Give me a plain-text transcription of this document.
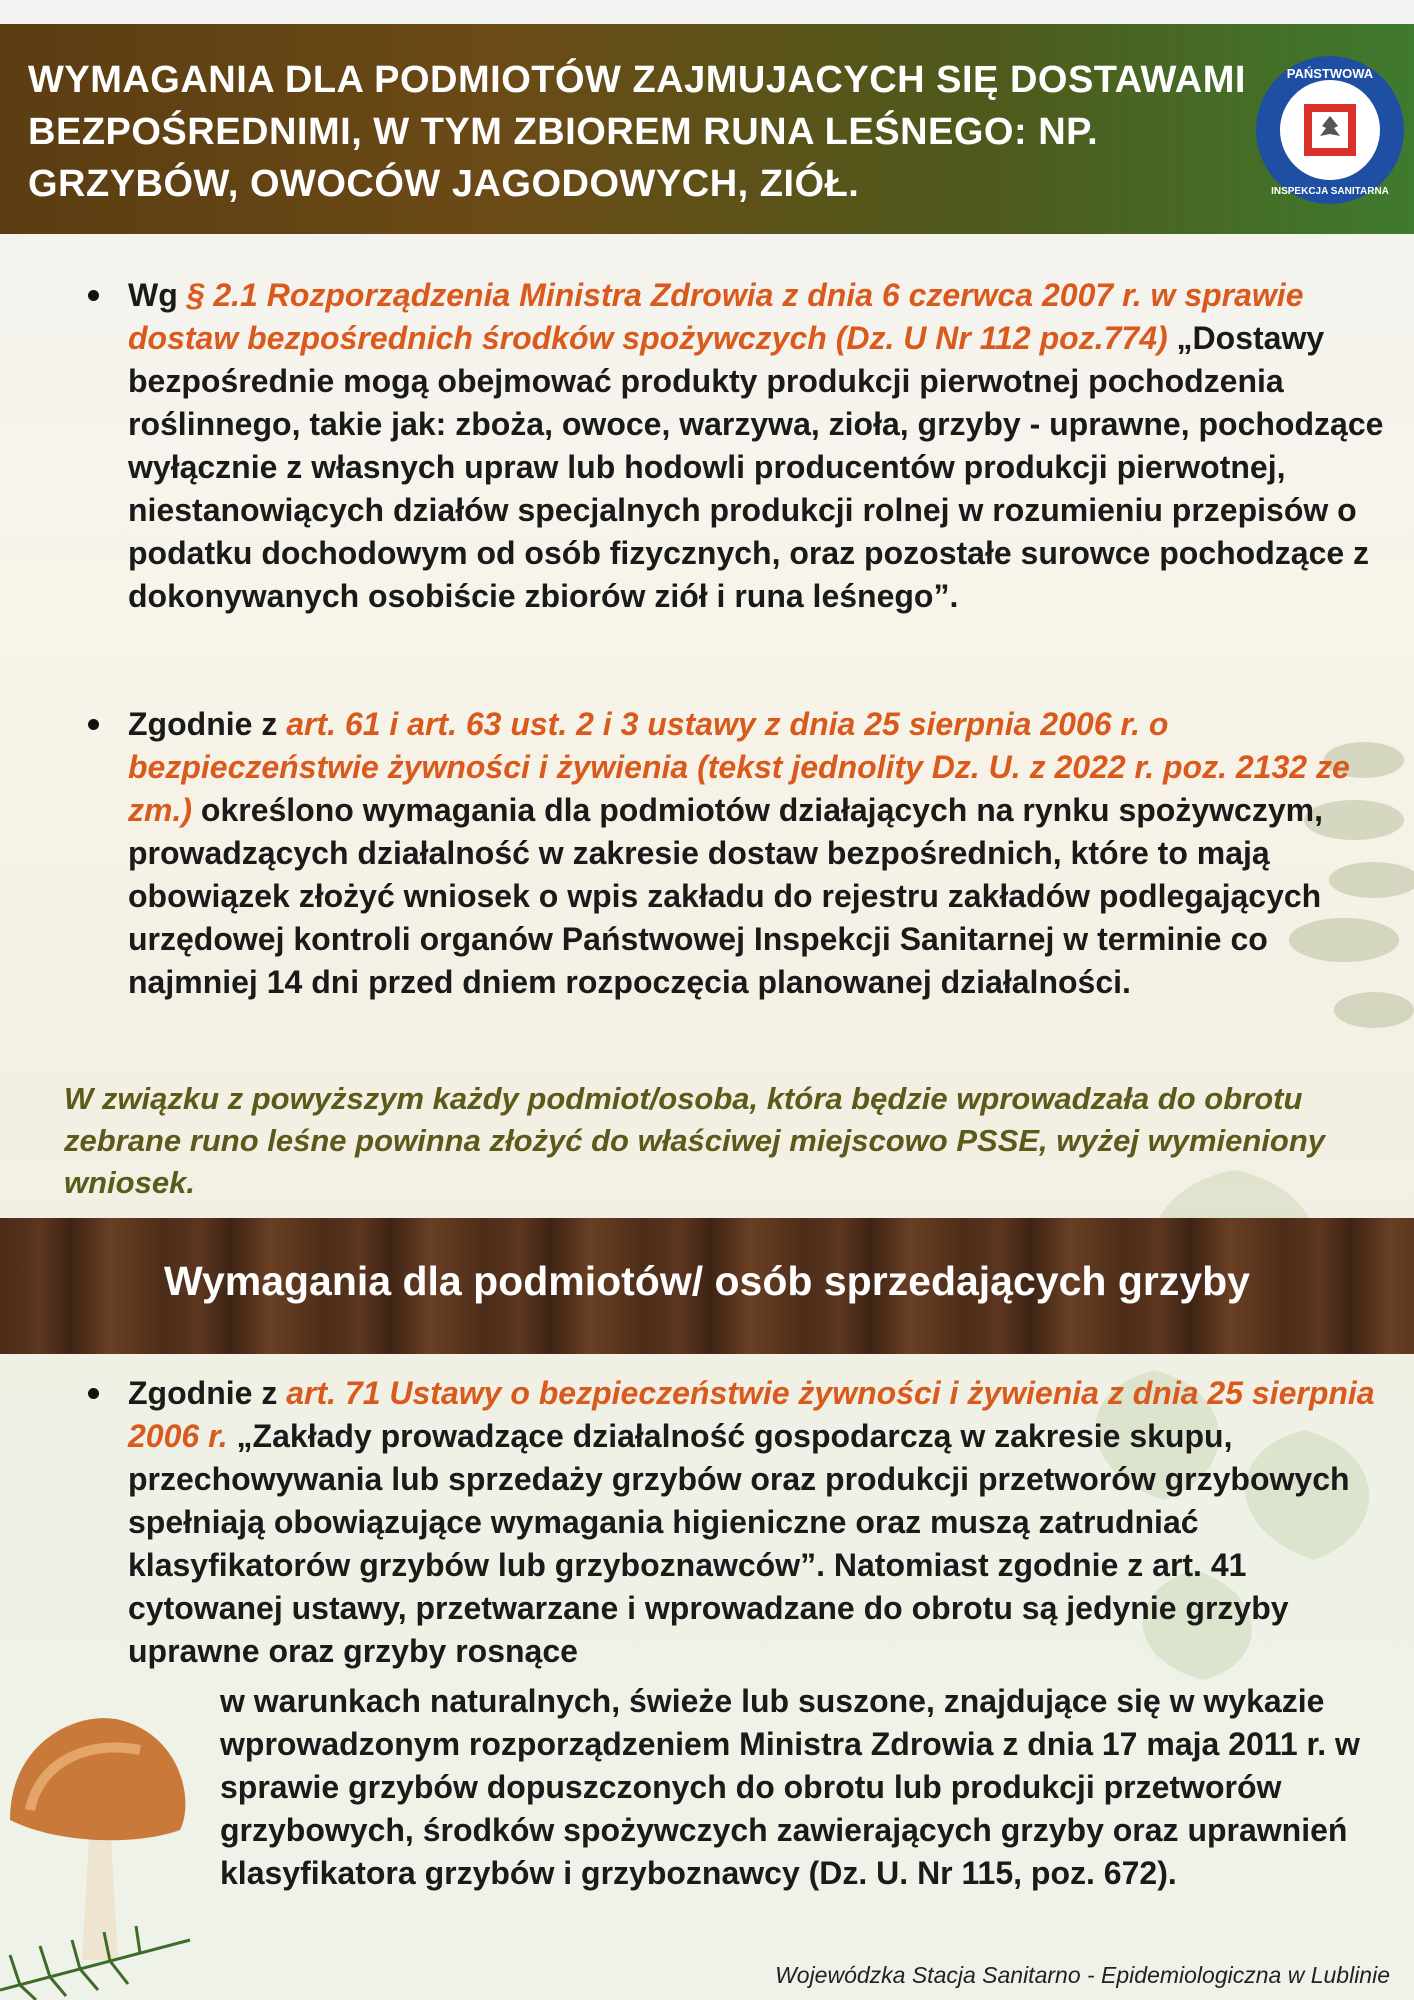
WYMAGANIA DLA PODMIOTÓW ZAJMUJACYCH SIĘ DOSTAWAMI BEZPOŚREDNIMI, W TYM ZBIOREM RUNA LEŚNEGO: NP. GRZYBÓW, OWOCÓW JAGODOWYCH, ZIÓŁ.
PAŃSTWOWA
INSPEKCJA SANITARNA

Wg § 2.1 Rozporządzenia Ministra Zdrowia z dnia 6 czerwca 2007 r. w sprawie dostaw bezpośrednich środków spożywczych (Dz. U Nr 112 poz.774) „Dostawy bezpośrednie mogą obejmować produkty produkcji pierwotnej pochodzenia roślinnego, takie jak: zboża, owoce, warzywa, zioła, grzyby - uprawne, pochodzące wyłącznie z własnych upraw lub hodowli producentów produkcji pierwotnej, niestanowiących działów specjalnych produkcji rolnej w rozumieniu przepisów o podatku dochodowym od osób fizycznych, oraz pozostałe surowce pochodzące z dokonywanych osobiście zbiorów ziół i runa leśnego”.

Zgodnie z art. 61 i art. 63 ust. 2 i 3 ustawy z dnia 25 sierpnia 2006 r. o bezpieczeństwie żywności i żywienia (tekst jednolity Dz. U. z 2022 r. poz. 2132 ze zm.) określono wymagania dla podmiotów działających na rynku spożywczym, prowadzących działalność w zakresie dostaw bezpośrednich, które to mają obowiązek złożyć wniosek o wpis zakładu do rejestru zakładów podlegających urzędowej kontroli organów Państwowej Inspekcji Sanitarnej w terminie co najmniej 14 dni przed dniem rozpoczęcia planowanej działalności.

W związku z powyższym każdy podmiot/osoba, która będzie wprowadzała do obrotu zebrane runo leśne powinna złożyć do właściwej miejscowo PSSE, wyżej wymieniony wniosek.

Wymagania dla podmiotów/ osób sprzedających grzyby

Zgodnie z art. 71 Ustawy o bezpieczeństwie żywności i żywienia z dnia 25 sierpnia 2006 r. „Zakłady prowadzące działalność gospodarczą w zakresie skupu, przechowywania lub sprzedaży grzybów oraz produkcji przetworów grzybowych spełniają obowiązujące wymagania higieniczne oraz muszą zatrudniać klasyfikatorów grzybów lub grzyboznawców”. Natomiast zgodnie z art. 41 cytowanej ustawy, przetwarzane i wprowadzane do obrotu są jedynie grzyby uprawne oraz grzyby rosnące

w warunkach naturalnych, świeże lub suszone, znajdujące się w wykazie wprowadzonym rozporządzeniem Ministra Zdrowia z dnia 17 maja 2011 r. w sprawie grzybów dopuszczonych do obrotu lub produkcji przetworów grzybowych, środków spożywczych zawierających grzyby oraz uprawnień klasyfikatora grzybów i grzyboznawcy (Dz. U. Nr 115, poz. 672).

Wojewódzka Stacja Sanitarno - Epidemiologiczna w Lublinie
